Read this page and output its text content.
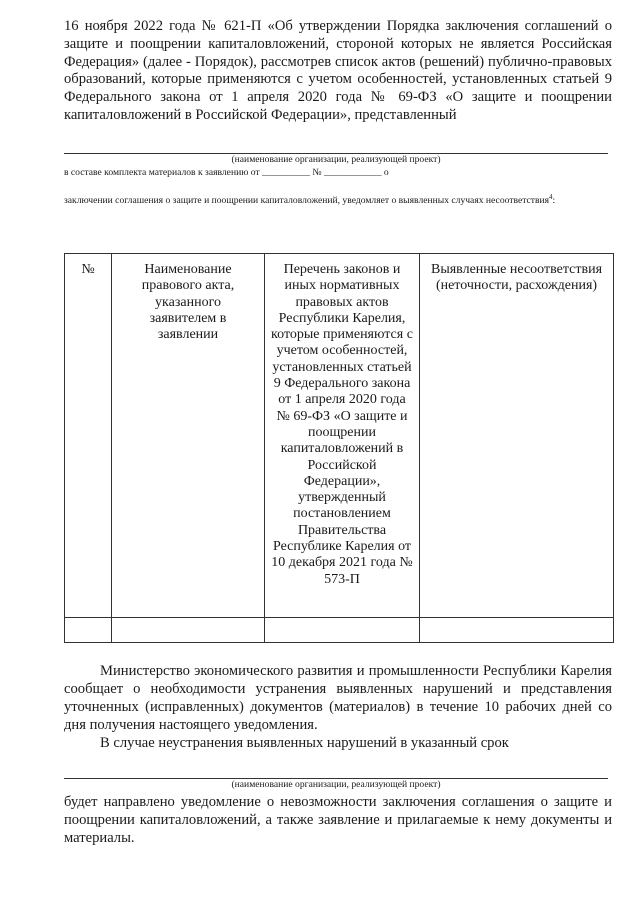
16 ноября 2022 года № 621-П «Об утверждении Порядка заключения соглашений о защите и поощрении капиталовложений, стороной которых не является Российская Федерация» (далее - Порядок), рассмотрев список актов (решений) публично-правовых образований, которые применяются с учетом особенностей, установленных статьей 9 Федерального закона от 1 апреля 2020 года № 69-ФЗ «О защите и поощрении капиталовложений в Российской Федерации», представленный
(наименование организации, реализующей проект)
в составе комплекта материалов к заявлению от __________ № ____________ о
заключении соглашения о защите и поощрении капиталовложений, уведомляет о выявленных случаях несоответствия$^4$:
№	Наименование правового акта, указанного заявителем в заявлении	Перечень законов и иных нормативных правовых актов Республики Карелия, которые применяются с учетом особенностей, установленных статьей 9 Федерального закона от 1 апреля 2020 года № 69-ФЗ «О защите и поощрении капиталовложений в Российской Федерации», утвержденный постановлением Правительства Республике Карелия от 10 декабря 2021 года № 573-П	Выявленные несоответствия (неточности, расхождения)

Министерство экономического развития и промышленности Республики Карелия сообщает о необходимости устранения выявленных нарушений и представления уточненных (исправленных) документов (материалов) в течение 10 рабочих дней со дня получения настоящего уведомления.
В случае неустранения выявленных нарушений в указанный срок
(наименование организации, реализующей проект)
будет направлено уведомление о невозможности заключения соглашения о защите и поощрении капиталовложений, а также заявление и прилагаемые к нему документы и материалы.
